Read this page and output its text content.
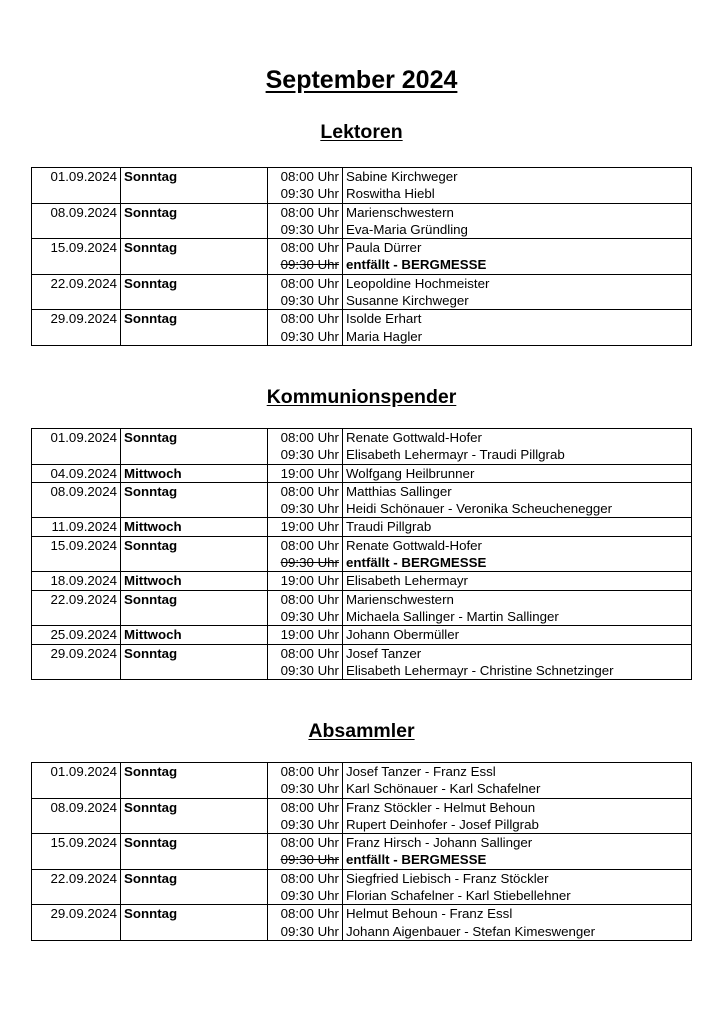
September 2024
Lektoren
01.09.2024	Sonntag	08:00 Uhr	Sabine Kirchweger
		09:30 Uhr	Roswitha Hiebl
08.09.2024	Sonntag	08:00 Uhr	Marienschwestern
		09:30 Uhr	Eva-Maria Gründling
15.09.2024	Sonntag	08:00 Uhr	Paula Dürrer
		09:30 Uhr	entfällt - BERGMESSE
22.09.2024	Sonntag	08:00 Uhr	Leopoldine Hochmeister
		09:30 Uhr	Susanne Kirchweger
29.09.2024	Sonntag	08:00 Uhr	Isolde Erhart
		09:30 Uhr	Maria Hagler
Kommunionspender
01.09.2024	Sonntag	08:00 Uhr	Renate Gottwald-Hofer
		09:30 Uhr	Elisabeth Lehermayr - Traudi Pillgrab
04.09.2024	Mittwoch	19:00 Uhr	Wolfgang Heilbrunner
08.09.2024	Sonntag	08:00 Uhr	Matthias Sallinger
		09:30 Uhr	Heidi Schönauer - Veronika Scheuchenegger
11.09.2024	Mittwoch	19:00 Uhr	Traudi Pillgrab
15.09.2024	Sonntag	08:00 Uhr	Renate Gottwald-Hofer
		09:30 Uhr	entfällt - BERGMESSE
18.09.2024	Mittwoch	19:00 Uhr	Elisabeth Lehermayr
22.09.2024	Sonntag	08:00 Uhr	Marienschwestern
		09:30 Uhr	Michaela Sallinger - Martin Sallinger
25.09.2024	Mittwoch	19:00 Uhr	Johann Obermüller
29.09.2024	Sonntag	08:00 Uhr	Josef Tanzer
		09:30 Uhr	Elisabeth Lehermayr - Christine Schnetzinger
Absammler
01.09.2024	Sonntag	08:00 Uhr	Josef Tanzer - Franz Essl
		09:30 Uhr	Karl Schönauer - Karl Schafelner
08.09.2024	Sonntag	08:00 Uhr	Franz Stöckler - Helmut Behoun
		09:30 Uhr	Rupert Deinhofer - Josef Pillgrab
15.09.2024	Sonntag	08:00 Uhr	Franz Hirsch - Johann Sallinger
		09:30 Uhr	entfällt - BERGMESSE
22.09.2024	Sonntag	08:00 Uhr	Siegfried Liebisch - Franz Stöckler
		09:30 Uhr	Florian Schafelner - Karl Stiebellehner
29.09.2024	Sonntag	08:00 Uhr	Helmut Behoun - Franz Essl
		09:30 Uhr	Johann Aigenbauer - Stefan Kimeswenger
